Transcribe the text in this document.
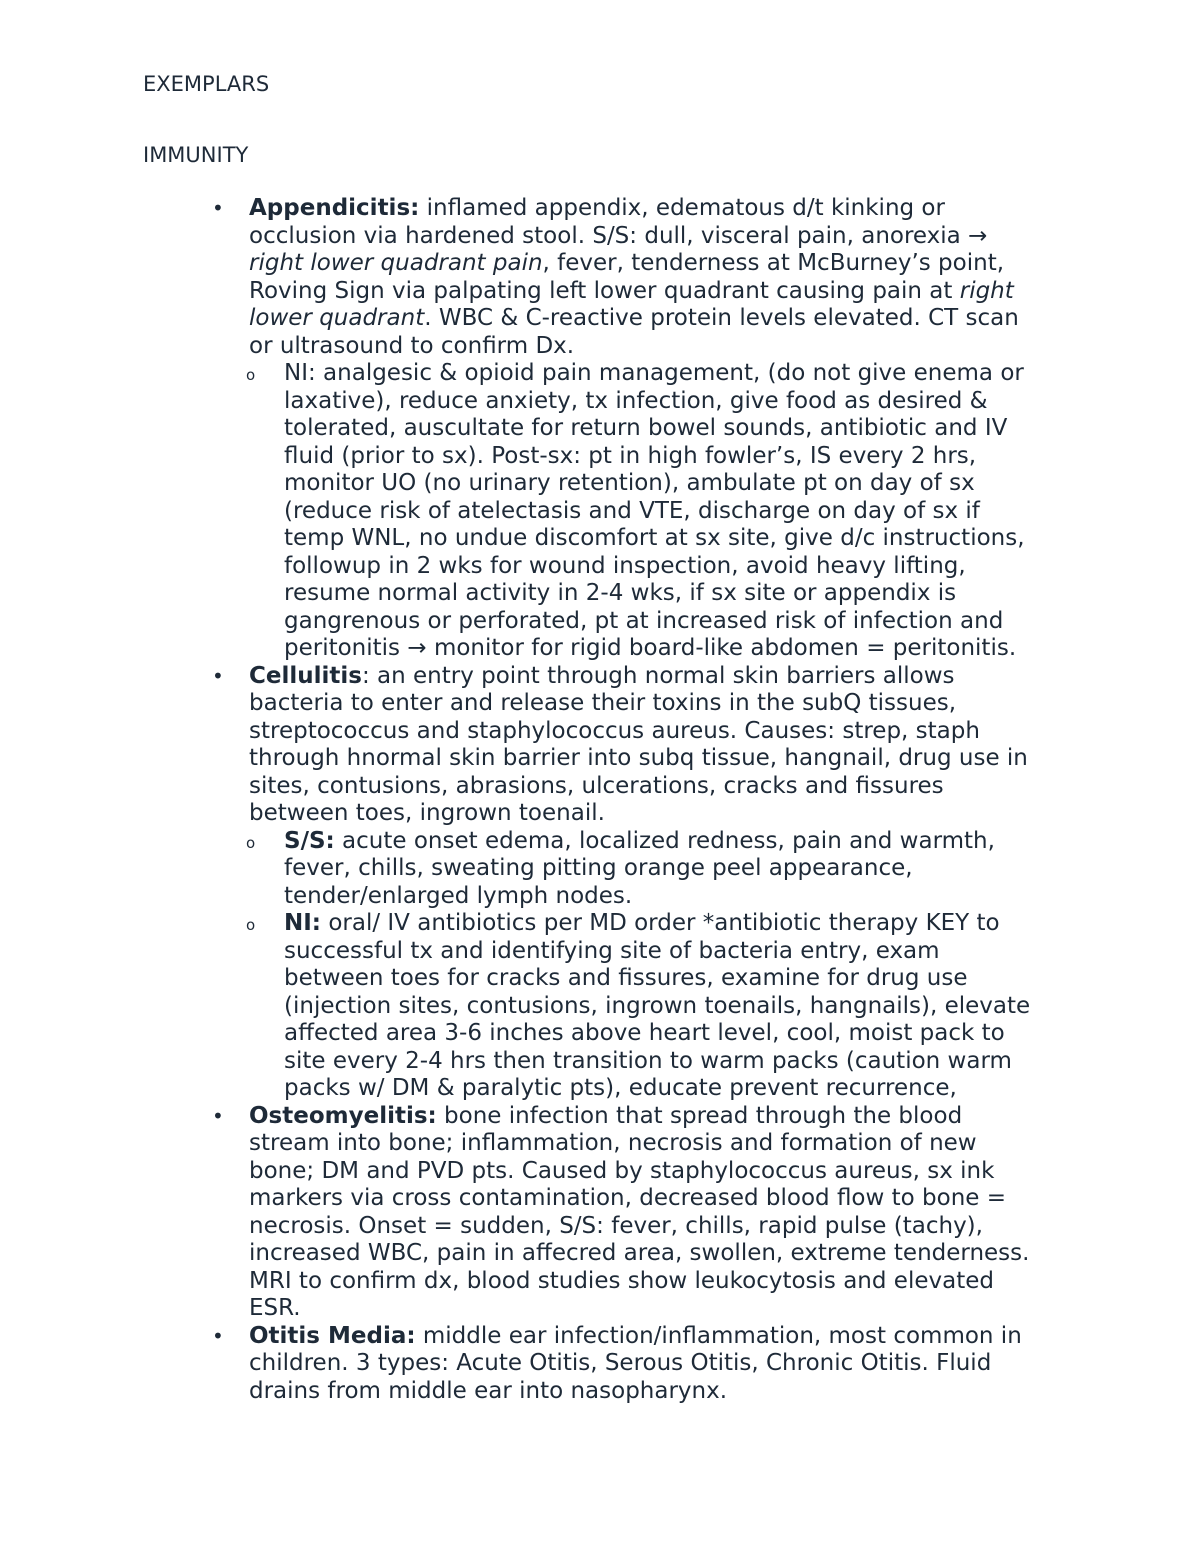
EXEMPLARS
IMMUNITY
• Appendicitis: inflamed appendix, edematous d/t kinking or
occlusion via hardened stool. S/S: dull, visceral pain, anorexia →
right lower quadrant pain, fever, tenderness at McBurney’s point,
Roving Sign via palpating left lower quadrant causing pain at right
lower quadrant. WBC & C-reactive protein levels elevated. CT scan
or ultrasound to confirm Dx.
o NI: analgesic & opioid pain management, (do not give enema or
laxative), reduce anxiety, tx infection, give food as desired &
tolerated, auscultate for return bowel sounds, antibiotic and IV
fluid (prior to sx). Post-sx: pt in high fowler’s, IS every 2 hrs,
monitor UO (no urinary retention), ambulate pt on day of sx
(reduce risk of atelectasis and VTE, discharge on day of sx if
temp WNL, no undue discomfort at sx site, give d/c instructions,
followup in 2 wks for wound inspection, avoid heavy lifting,
resume normal activity in 2-4 wks, if sx site or appendix is
gangrenous or perforated, pt at increased risk of infection and
peritonitis → monitor for rigid board-like abdomen = peritonitis.
• Cellulitis: an entry point through normal skin barriers allows
bacteria to enter and release their toxins in the subQ tissues,
streptococcus and staphylococcus aureus. Causes: strep, staph
through hnormal skin barrier into subq tissue, hangnail, drug use in
sites, contusions, abrasions, ulcerations, cracks and fissures
between toes, ingrown toenail.
o S/S: acute onset edema, localized redness, pain and warmth,
fever, chills, sweating pitting orange peel appearance,
tender/enlarged lymph nodes.
o NI: oral/ IV antibiotics per MD order *antibiotic therapy KEY to
successful tx and identifying site of bacteria entry, exam
between toes for cracks and fissures, examine for drug use
(injection sites, contusions, ingrown toenails, hangnails), elevate
affected area 3-6 inches above heart level, cool, moist pack to
site every 2-4 hrs then transition to warm packs (caution warm
packs w/ DM & paralytic pts), educate prevent recurrence,
• Osteomyelitis: bone infection that spread through the blood
stream into bone; inflammation, necrosis and formation of new
bone; DM and PVD pts. Caused by staphylococcus aureus, sx ink
markers via cross contamination, decreased blood flow to bone =
necrosis. Onset = sudden, S/S: fever, chills, rapid pulse (tachy),
increased WBC, pain in affecred area, swollen, extreme tenderness.
MRI to confirm dx, blood studies show leukocytosis and elevated
ESR.
• Otitis Media: middle ear infection/inflammation, most common in
children. 3 types: Acute Otitis, Serous Otitis, Chronic Otitis. Fluid
drains from middle ear into nasopharynx.
